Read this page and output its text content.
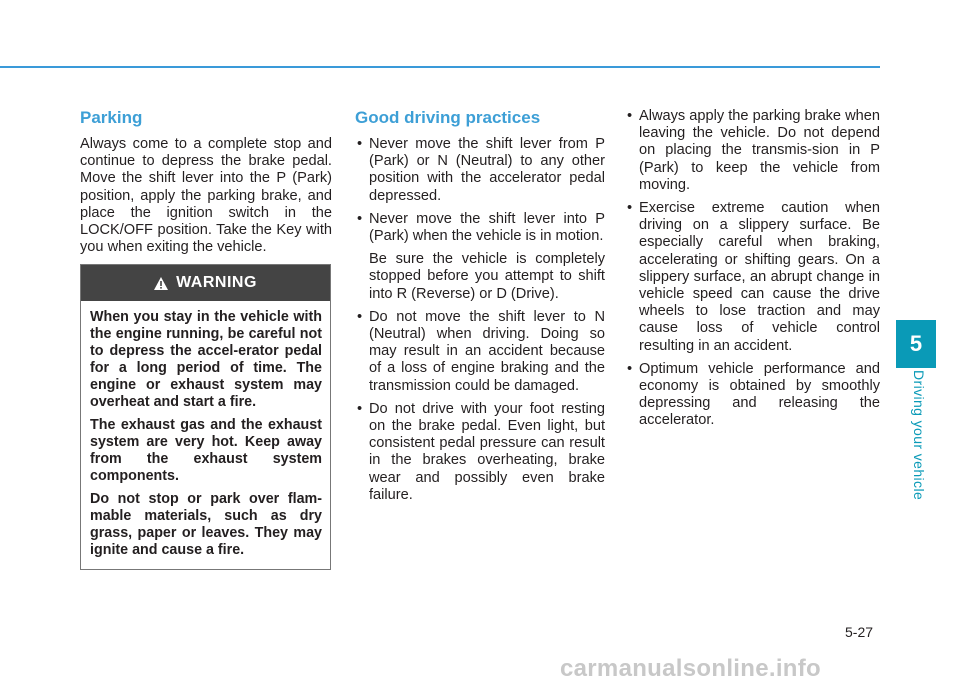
Parking

Always come to a complete stop and continue to depress the brake pedal. Move the shift lever into the P (Park) position, apply the parking brake, and place the ignition switch in the LOCK/OFF position. Take the Key with you when exiting the vehicle.

WARNING

When you stay in the vehicle with the engine running, be careful not to depress the accel-erator pedal for a long period of time. The engine or exhaust system may overheat and start a fire.

The exhaust gas and the exhaust system are very hot. Keep away from the exhaust system components.

Do not stop or park over flam-mable materials, such as dry grass, paper or leaves. They may ignite and cause a fire.

Good driving practices
• Never move the shift lever from P (Park) or N (Neutral) to any other position with the accelerator pedal depressed.

• Never move the shift lever into P (Park) when the vehicle is in motion.

Be sure the vehicle is completely stopped before you attempt to shift into R (Reverse) or D (Drive).

• Do not move the shift lever to N (Neutral) when driving. Doing so may result in an accident because of a loss of engine braking and the transmission could be damaged.

• Do not drive with your foot resting on the brake pedal. Even light, but consistent pedal pressure can result in the brakes overheating, brake wear and possibly even brake failure.

• Always apply the parking brake when leaving the vehicle. Do not depend on placing the transmis-sion in P (Park) to keep the vehicle from moving.

• Exercise extreme caution when driving on a slippery surface. Be especially careful when braking, accelerating or shifting gears. On a slippery surface, an abrupt change in vehicle speed can cause the drive wheels to lose traction and may cause loss of vehicle control resulting in an accident.

• Optimum vehicle performance and economy is obtained by smoothly depressing and releasing the accelerator.

5
Driving your vehicle
5-27
carmanualsonline.info
